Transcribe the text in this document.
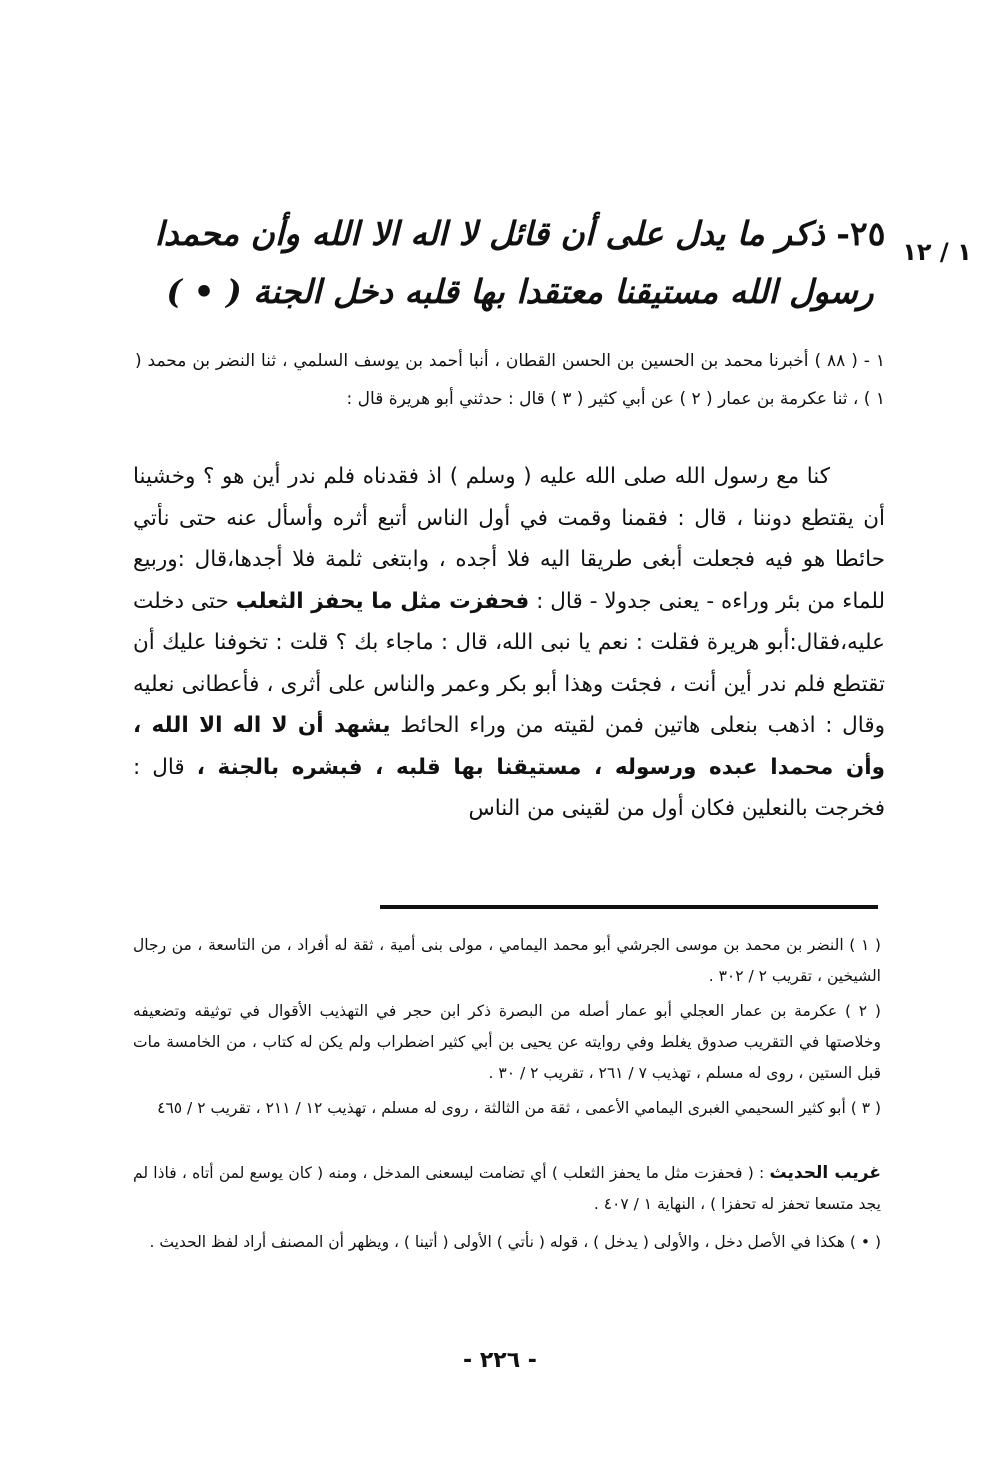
١ / ١٢
٢٥- ذكر ما يدل على أن قائل لا اله الا الله وأن محمدا
رسول الله مستيقنا معتقدا بها قلبه دخل الجنة ( • )
١ - ( ٨٨ ) أخبرنا محمد بن الحسين بن الحسن القطان ، أنبا أحمد بن يوسف السلمي ، ثنا النضر بن محمد ( ١ ) ، ثنا عكرمة بن عمار ( ٢ ) عن أبي كثير ( ٣ ) قال : حدثني أبو هريرة قال :
كنا مع رسول الله صلى الله عليه ( وسلم ) اذ فقدناه فلم ندر أين هو ؟ وخشينا أن يقتطع دوننا ، قال : فقمنا وقمت في أول الناس أتبع أثره وأسأل عنه حتى نأتي حائطا هو فيه فجعلت أبغى طريقا اليه فلا أجده ، وابتغى ثلمة فلا أجدها،قال :وربيع للماء من بئر وراءه - يعنى جدولا - قال : فحفزت مثل ما يحفز الثعلب حتى دخلت عليه،فقال:أبو هريرة فقلت : نعم يا نبى الله، قال : ماجاء بك ؟ قلت : تخوفنا عليك أن تقتطع فلم ندر أين أنت ، فجئت وهذا أبو بكر وعمر والناس على أثرى ، فأعطانى نعليه وقال : اذهب بنعلى هاتين فمن لقيته من وراء الحائط يشهد أن لا اله الا الله ، وأن محمدا عبده ورسوله ، مستيقنا بها قلبه ، فبشره بالجنة ، قال : فخرجت بالنعلين فكان أول من لقينى من الناس
( ١ ) النضر بن محمد بن موسى الجرشي أبو محمد اليمامي ، مولى بنى أمية ، ثقة له أفراد ، من التاسعة ، من رجال الشيخين ، تقريب ٢ / ٣٠٢ .
( ٢ ) عكرمة بن عمار العجلي أبو عمار أصله من البصرة ذكر ابن حجر في التهذيب الأقوال في توثيقه وتضعيفه وخلاصتها في التقريب صدوق يغلط وفي روايته عن يحيى بن أبي كثير اضطراب ولم يكن له كتاب ، من الخامسة مات قبل الستين ، روى له مسلم ، تهذيب ٧ / ٢٦١ ، تقريب ٢ / ٣٠ .
( ٣ ) أبو كثير السحيمي الغبرى اليمامي الأعمى ، ثقة من الثالثة ، روى له مسلم ، تهذيب ١٢ / ٢١١ ، تقريب ٢ / ٤٦٥
غريب الحديث : ( فحفزت مثل ما يحفز الثعلب ) أي تضامت ليسعنى المدخل ، ومنه ( كان يوسع لمن أتاه ، فاذا لم يجد متسعا تحفز له تحفزا ) ، النهاية ١ / ٤٠٧ .
( • ) هكذا في الأصل دخل ، والأولى ( يدخل ) ، قوله ( نأتي ) الأولى ( أتينا ) ، ويظهر أن المصنف أراد لفظ الحديث .
- ٢٢٦ -
